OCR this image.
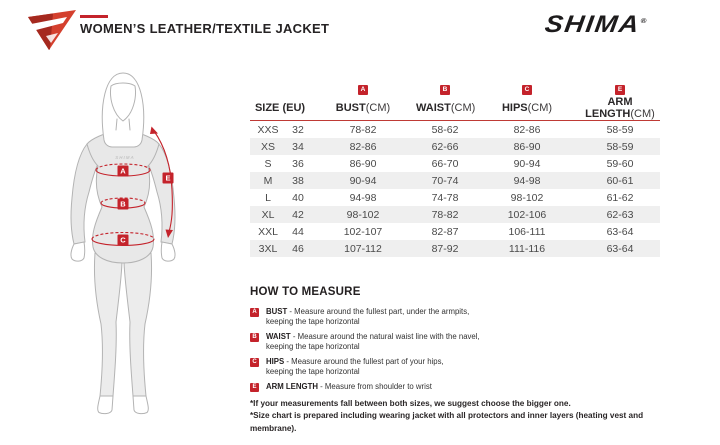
WOMEN’S LEATHER/TEXTILE JACKET	SHIMA®
SHIMA
A
B
C
E
		A	B	C	E
SIZE (EU)		BUST(CM)	WAIST(CM)	HIPS(CM)	ARM LENGTH(CM)
XXS	32	78-82	58-62	82-86	58-59
XS	34	82-86	62-66	86-90	58-59
S	36	86-90	66-70	90-94	59-60
M	38	90-94	70-74	94-98	60-61
L	40	94-98	74-78	98-102	61-62
XL	42	98-102	78-82	102-106	62-63
XXL	44	102-107	82-87	106-111	63-64
3XL	46	107-112	87-92	111-116	63-64
HOW TO MEASURE
A BUST - Measure around the fullest part, under the armpits,
keeping the tape horizontal
B WAIST - Measure around the natural waist line with the navel,
keeping the tape horizontal
C HIPS - Measure around the fullest part of your hips,
keeping the tape horizontal
E	ARM LENGTH - Measure from shoulder to wrist
*If your measurements fall between both sizes, we suggest choose the bigger one.
*Size chart is prepared including wearing jacket with all protectors and inner layers (heating vest and membrane).
